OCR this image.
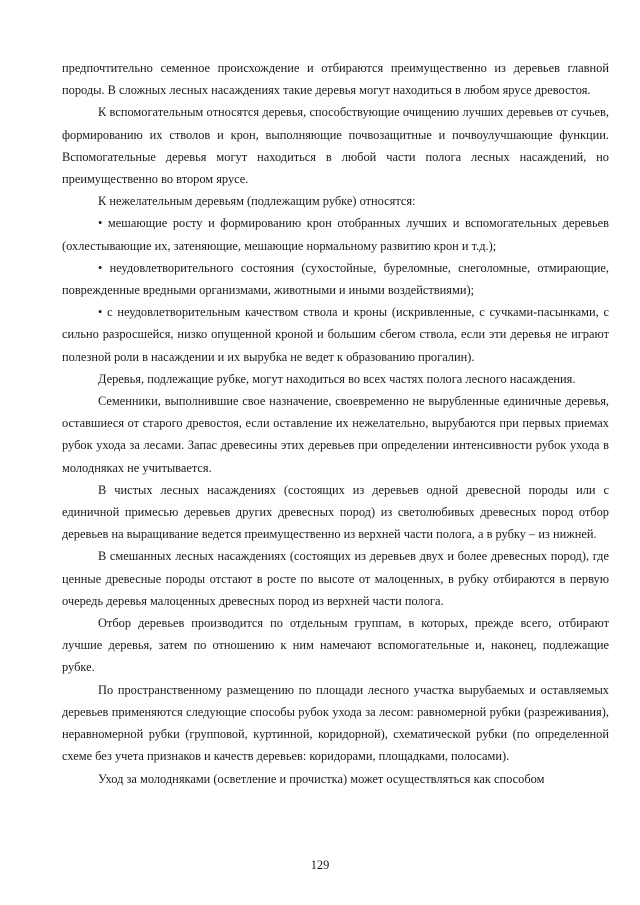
предпочтительно семенное происхождение и отбираются преимущественно из деревьев главной породы. В сложных лесных насаждениях такие деревья могут находиться в любом ярусе древостоя.

К вспомогательным относятся деревья, способствующие очищению лучших деревьев от сучьев, формированию их стволов и крон, выполняющие почвозащитные и почвоулучшающие функции. Вспомогательные деревья могут находиться в любой части полога лесных насаждений, но преимущественно во втором ярусе.

К нежелательным деревьям (подлежащим рубке) относятся:

• мешающие росту и формированию крон отобранных лучших и вспомогательных деревьев (охлестывающие их, затеняющие, мешающие нормальному развитию крон и т.д.);

• неудовлетворительного состояния (сухостойные, буреломные, снеголомные, отмирающие, поврежденные вредными организмами, животными и иными воздействиями);

• с неудовлетворительным качеством ствола и кроны (искривленные, с сучками-пасынками, с сильно разросшейся, низко опущенной кроной и большим сбегом ствола, если эти деревья не играют полезной роли в насаждении и их вырубка не ведет к образованию прогалин).

Деревья, подлежащие рубке, могут находиться во всех частях полога лесного насаждения.

Семенники, выполнившие свое назначение, своевременно не вырубленные единичные деревья, оставшиеся от старого древостоя, если оставление их нежелательно, вырубаются при первых приемах рубок ухода за лесами. Запас древесины этих деревьев при определении интенсивности рубок ухода в молодняках не учитывается.

В чистых лесных насаждениях (состоящих из деревьев одной древесной породы или с единичной примесью деревьев других древесных пород) из светолюбивых древесных пород отбор деревьев на выращивание ведется преимущественно из верхней части полога, а в рубку – из нижней.

В смешанных лесных насаждениях (состоящих из деревьев двух и более древесных пород), где ценные древесные породы отстают в росте по высоте от малоценных, в рубку отбираются в первую очередь деревья малоценных древесных пород из верхней части полога.

Отбор деревьев производится по отдельным группам, в которых, прежде всего, отбирают лучшие деревья, затем по отношению к ним намечают вспомогательные и, наконец, подлежащие рубке.

По пространственному размещению по площади лесного участка вырубаемых и оставляемых деревьев применяются следующие способы рубок ухода за лесом: равномерной рубки (разреживания), неравномерной рубки (групповой, куртинной, коридорной), схематической рубки (по определенной схеме без учета признаков и качеств деревьев: коридорами, площадками, полосами).

Уход за молодняками (осветление и прочистка) может осуществляться как способом

129
